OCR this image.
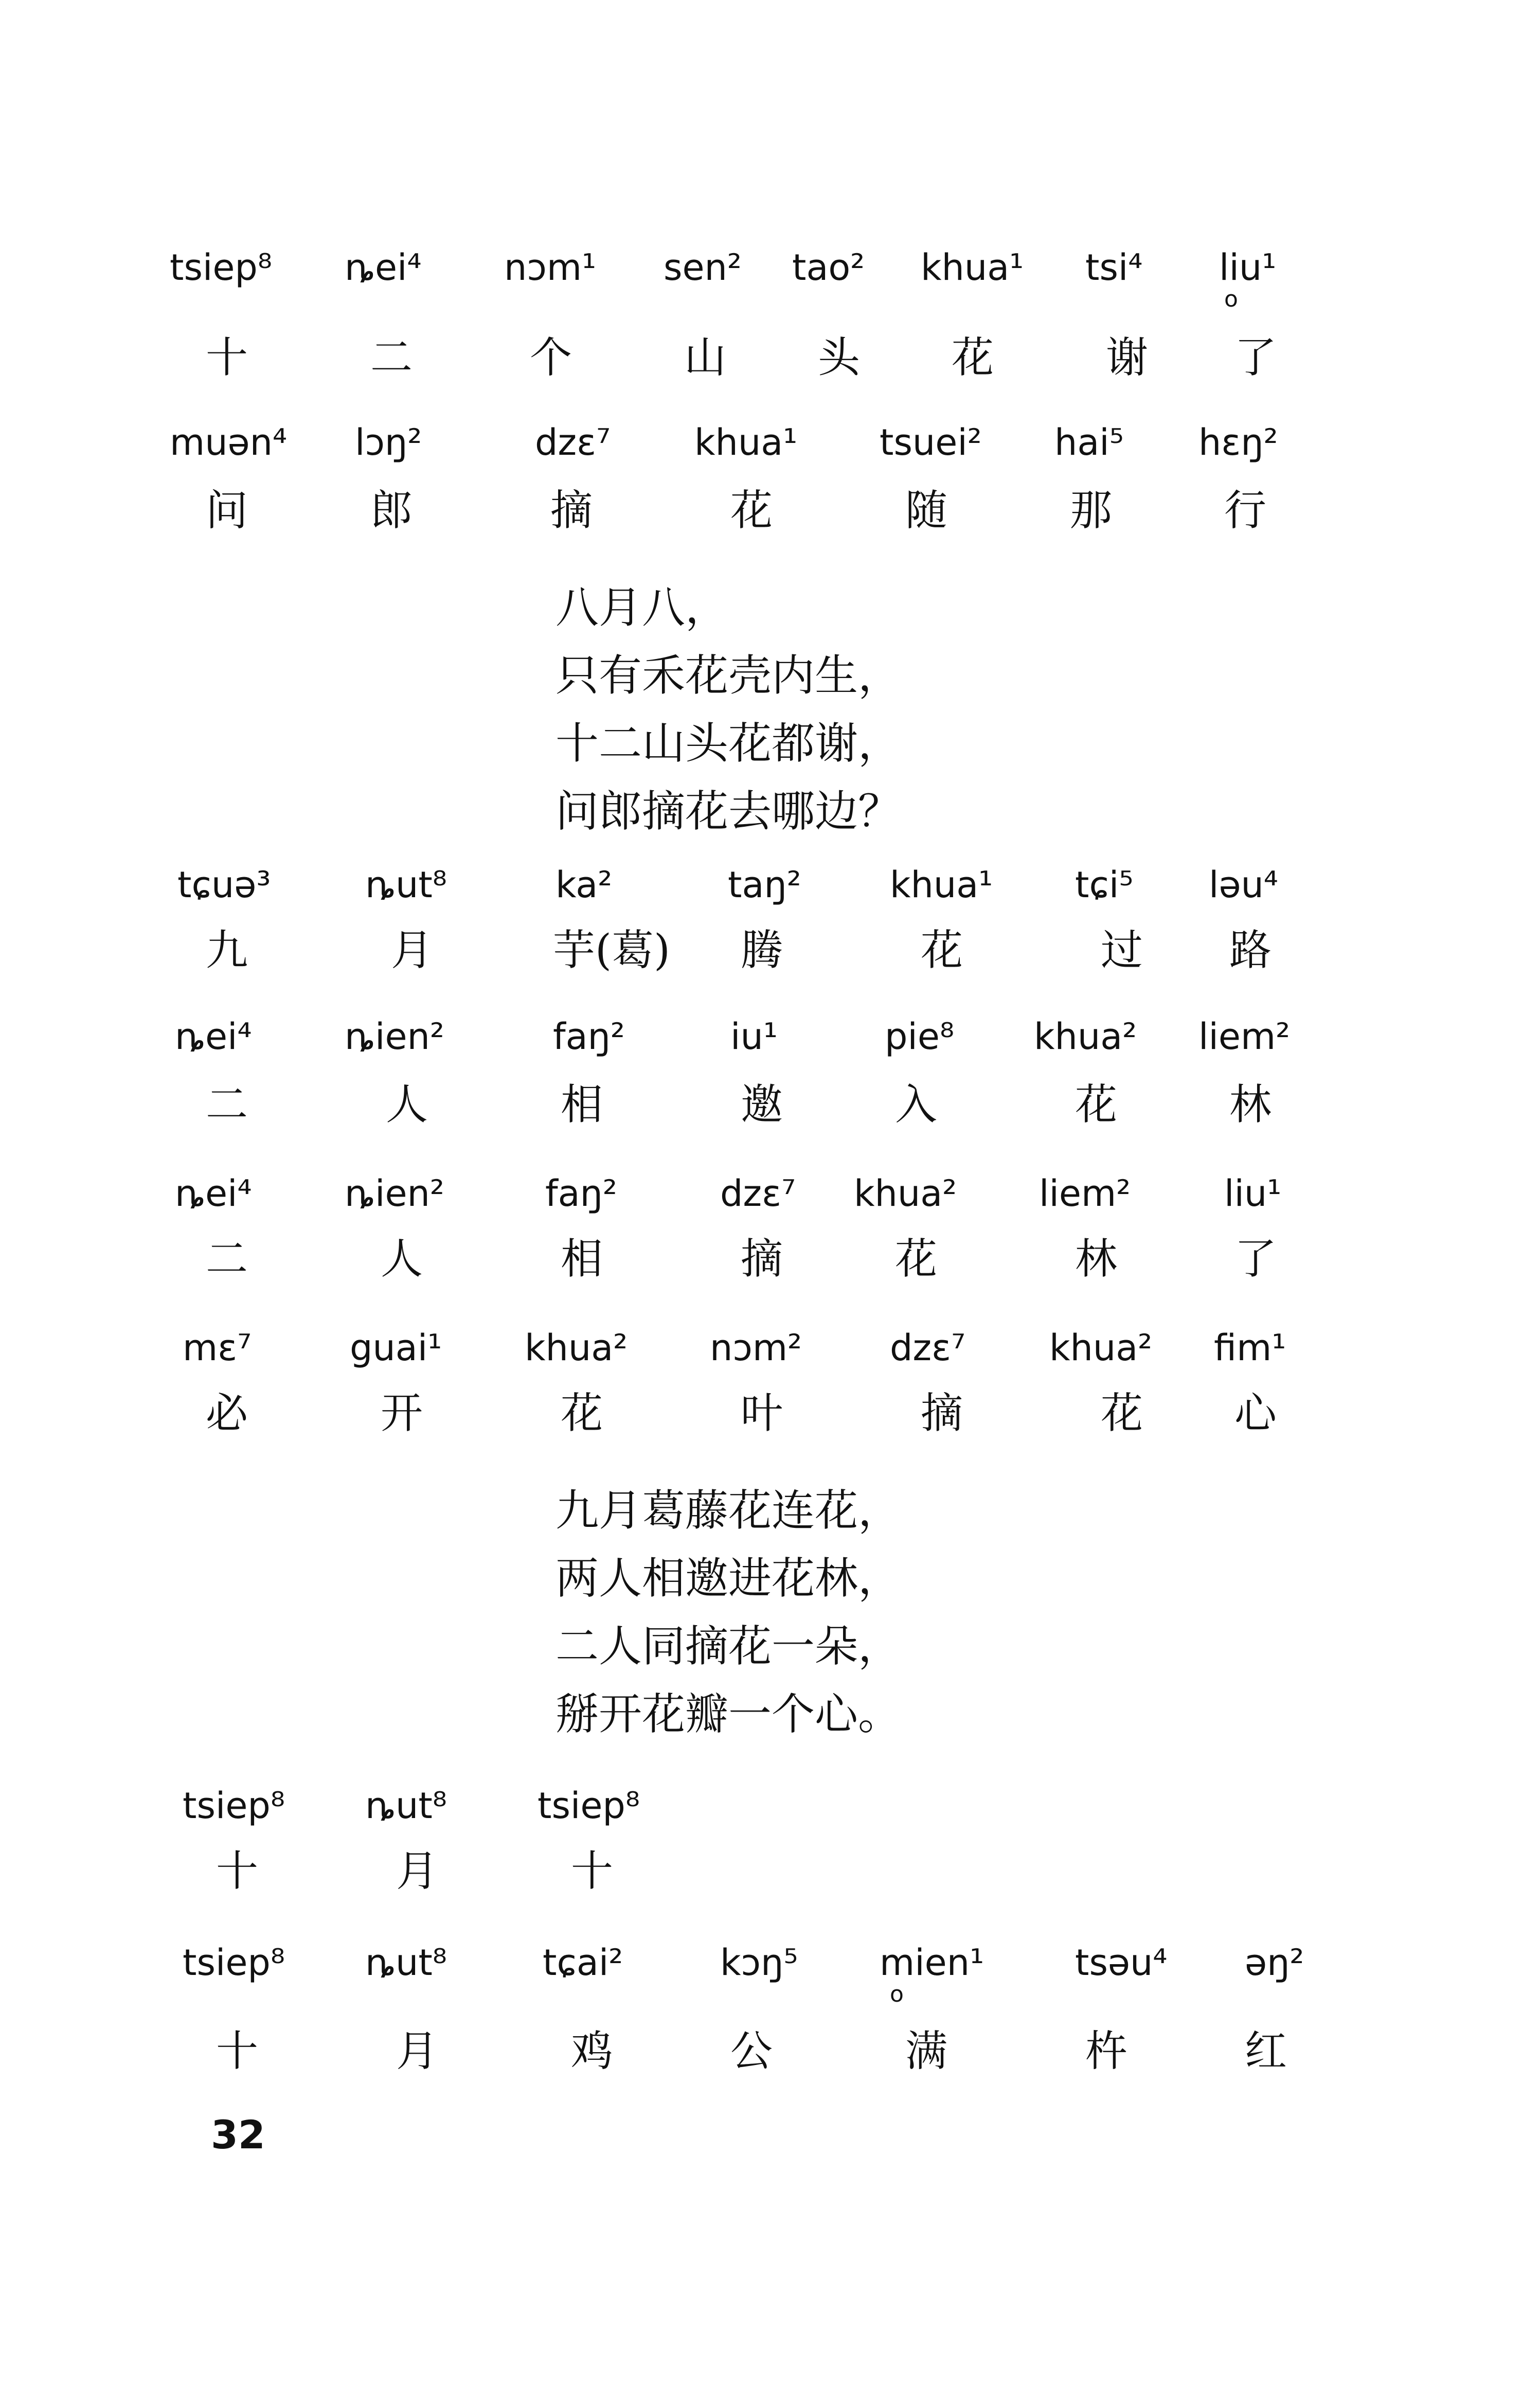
tsiep⁸ ȵei⁴ nɔm¹ sen² tao² khua¹ tsi⁴ liu¹
o
十	二	个	山 头 花	谢 了
muən⁴ lɔŋ²	dzɛ⁷ khua¹ tsuei² hai⁵ hɛŋ²
问	郎	摘	花	随	那	行
八月八，
只有禾花壳内生，
十二山头花都谢，
问郎摘花去哪边？
tɕuə³	ȵut⁸	ka²	taŋ² khua¹ tɕi⁵ ləu⁴
九	月	芋(葛) 腾	花	过 路
ȵei⁴	ȵien²	faŋ²	iu¹	pie⁸ khua² liem²
二	人	相	邀	入	花	林
ȵei⁴	ȵien²	faŋ²	dzɛ⁷ khua² liem²	liu¹
二	人	相	摘	花	林	了
mɛ⁷	guai¹ khua² nɔm² dzɛ⁷ khua² fim¹
必	开	花	叶	摘	花 心
九月葛藤花连花，
两人相邀进花林，
二人同摘花一朵，
掰开花瓣一个心。
tsiep⁸ ȵut⁸	tsiep⁸
十	月	十
tsiep⁸ ȵut⁸	tɕai²	kɔŋ⁵ mien¹	tsəu⁴ əŋ²
o
十	月	鸡	公	满	杵	红
32
